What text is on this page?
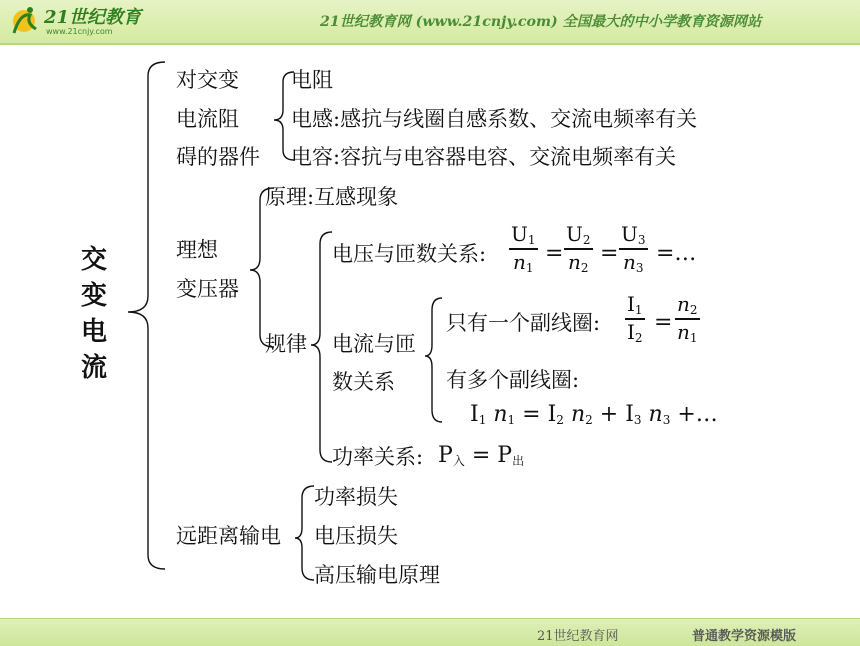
21世纪教育
www.21cnjy.com
21世纪教育网 (www.21cnjy.com) 全国最大的中小学教育资源网站
交
变
电
流
对交变
电流阻
碍的器件
电阻
电感:感抗与线圈自感系数、交流电频率有关
电容:容抗与电容器电容、交流电频率有关
理想
变压器
原理:互感现象
规律
电压与匝数关系:
$U_1$
$n_1$
=
$U_2$
$n_2$
=
$U_3$
$n_3$
=…
电流与匝
数关系
只有一个副线圈:
$I_1$
$I_2$
=
$n_2$
$n_1$
有多个副线圈:
$I_1$ $n_1 = I_2$ $n_2 + I_3$ $n_3$ +…
功率关系: $P_入 = P_出$
远距离输电
功率损失
电压损失
高压输电原理
21世纪教育网	普通教学资源模版
